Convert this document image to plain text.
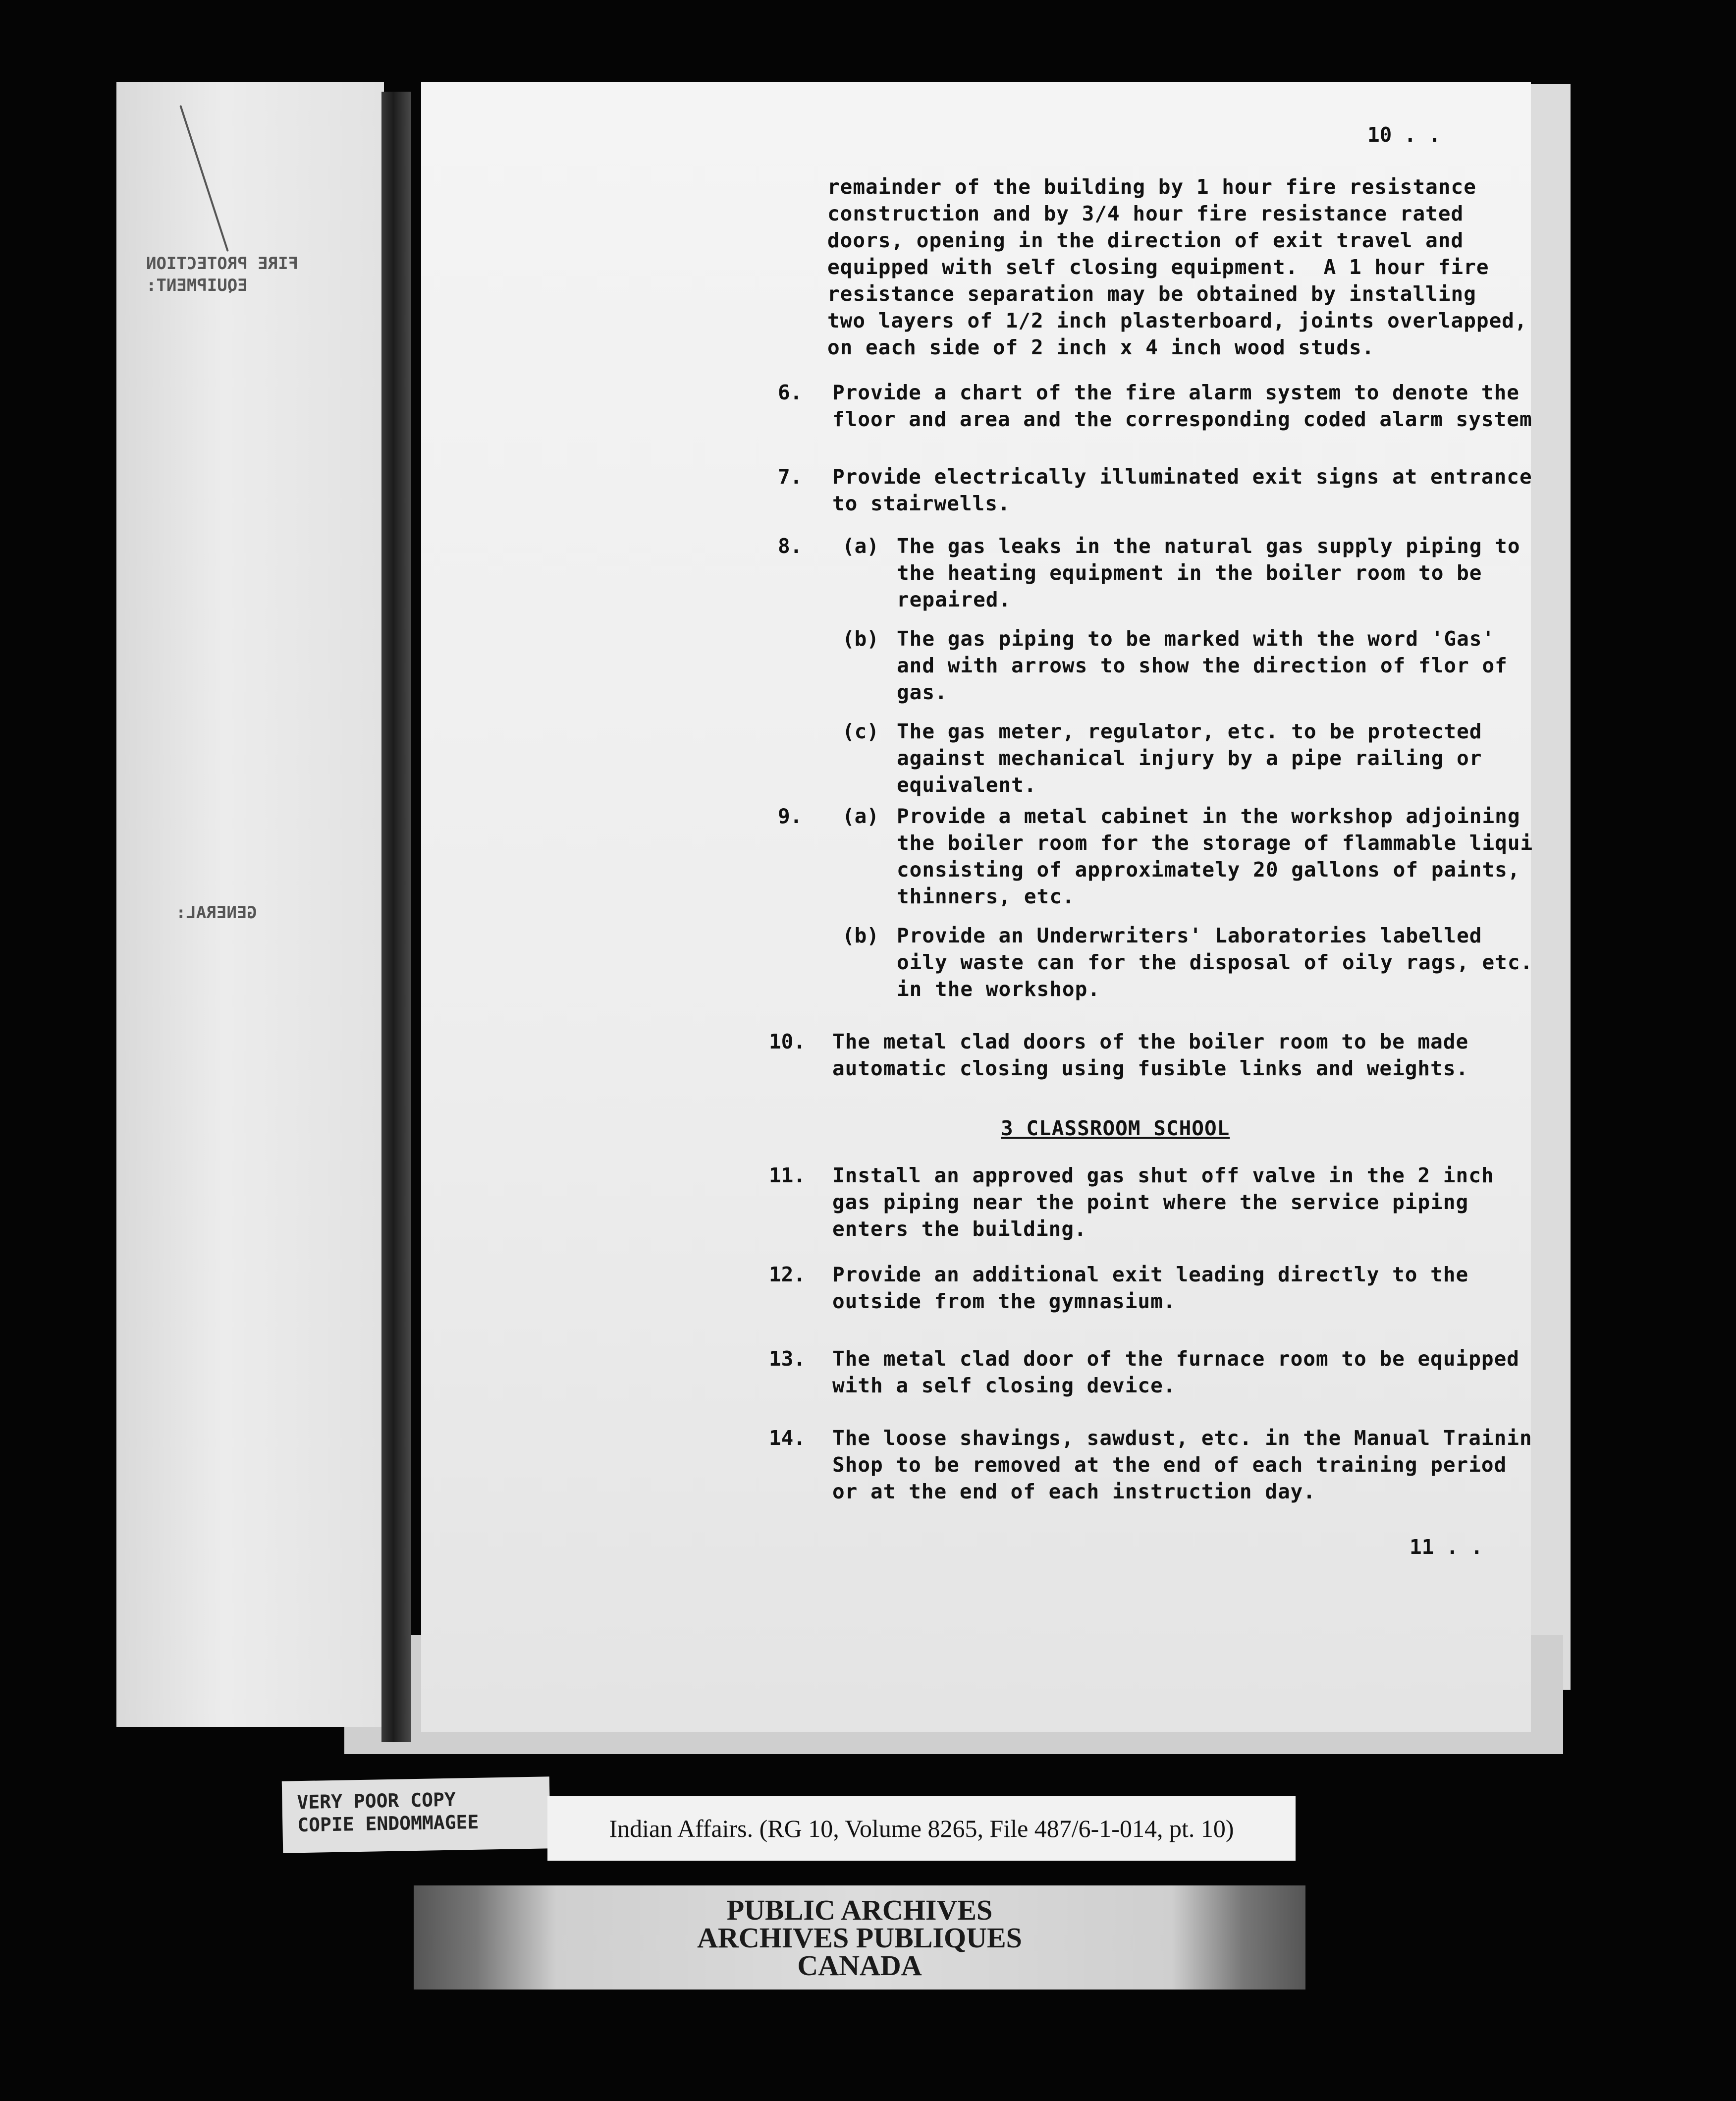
FIRE PROTECTION
EQUIPMENT:
GENERAL:
10 . .
remainder of the building by 1 hour fire resistance
construction and by 3/4 hour fire resistance rated
doors, opening in the direction of exit travel and
equipped with self closing equipment.  A 1 hour fire
resistance separation may be obtained by installing
two layers of 1/2 inch plasterboard, joints overlapped,
on each side of 2 inch x 4 inch wood studs.
6. Provide a chart of the fire alarm system to denote the
floor and area and the corresponding coded alarm system
7. Provide electrically illuminated exit signs at entrance
to stairwells.
8. (a) The gas leaks in the natural gas supply piping to
the heating equipment in the boiler room to be
repaired.
(b) The gas piping to be marked with the word 'Gas'
and with arrows to show the direction of flor of
gas.
(c) The gas meter, regulator, etc. to be protected
against mechanical injury by a pipe railing or
equivalent.
9. (a) Provide a metal cabinet in the workshop adjoining
the boiler room for the storage of flammable liqui
consisting of approximately 20 gallons of paints,
thinners, etc.
(b) Provide an Underwriters' Laboratories labelled
oily waste can for the disposal of oily rags, etc.
in the workshop.
10. The metal clad doors of the boiler room to be made
automatic closing using fusible links and weights.
11. Install an approved gas shut off valve in the 2 inch
gas piping near the point where the service piping
enters the building.
12. Provide an additional exit leading directly to the
outside from the gymnasium.
13. The metal clad door of the furnace room to be equipped
with a self closing device.
14. The loose shavings, sawdust, etc. in the Manual Trainin
Shop to be removed at the end of each training period
or at the end of each instruction day.
3 CLASSROOM SCHOOL
11 . .
VERY POOR COPY
COPIE ENDOMMAGEE	Indian Affairs. (RG 10, Volume 8265, File 487/6-1-014, pt. 10)
PUBLIC ARCHIVES
ARCHIVES PUBLIQUES
CANADA
